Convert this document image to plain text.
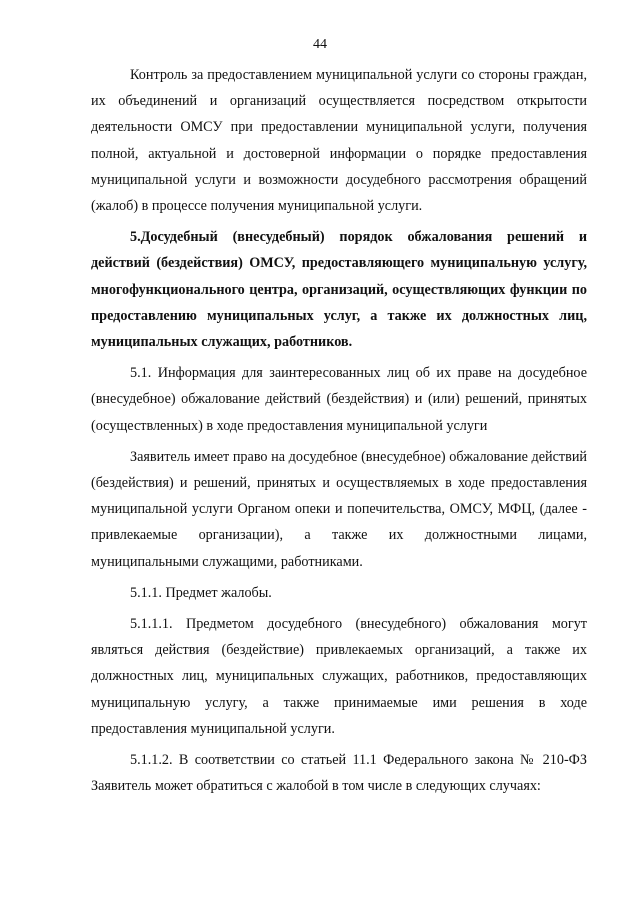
44

Контроль за предоставлением муниципальной услуги со стороны граждан, их объединений и организаций осуществляется посредством открытости деятельности ОМСУ при предоставлении муниципальной услуги, получения полной, актуальной и достоверной информации о порядке предоставления муниципальной услуги и возможности досудебного рассмотрения обращений (жалоб) в процессе получения муниципальной услуги.

5.Досудебный (внесудебный) порядок обжалования решений и действий (бездействия) ОМСУ, предоставляющего муниципальную услугу, многофункционального центра, организаций, осуществляющих функции по предоставлению муниципальных услуг, а также их должностных лиц, муниципальных служащих, работников.

5.1. Информация для заинтересованных лиц об их праве на досудебное (внесудебное) обжалование действий (бездействия) и (или) решений, принятых (осуществленных) в ходе предоставления муниципальной услуги

Заявитель имеет право на досудебное (внесудебное) обжалование действий (бездействия) и решений, принятых и осуществляемых в ходе предоставления муниципальной услуги Органом опеки и попечительства, ОМСУ, МФЦ, (далее - привлекаемые организации), а также их должностными лицами, муниципальными служащими, работниками.

5.1.1. Предмет жалобы.

5.1.1.1. Предметом досудебного (внесудебного) обжалования могут являться действия (бездействие) привлекаемых организаций, а также их должностных лиц, муниципальных служащих, работников, предоставляющих муниципальную услугу, а также принимаемые ими решения в ходе предоставления муниципальной услуги.

5.1.1.2. В соответствии со статьей 11.1 Федерального закона № 210-ФЗ Заявитель может обратиться с жалобой в том числе в следующих случаях:
